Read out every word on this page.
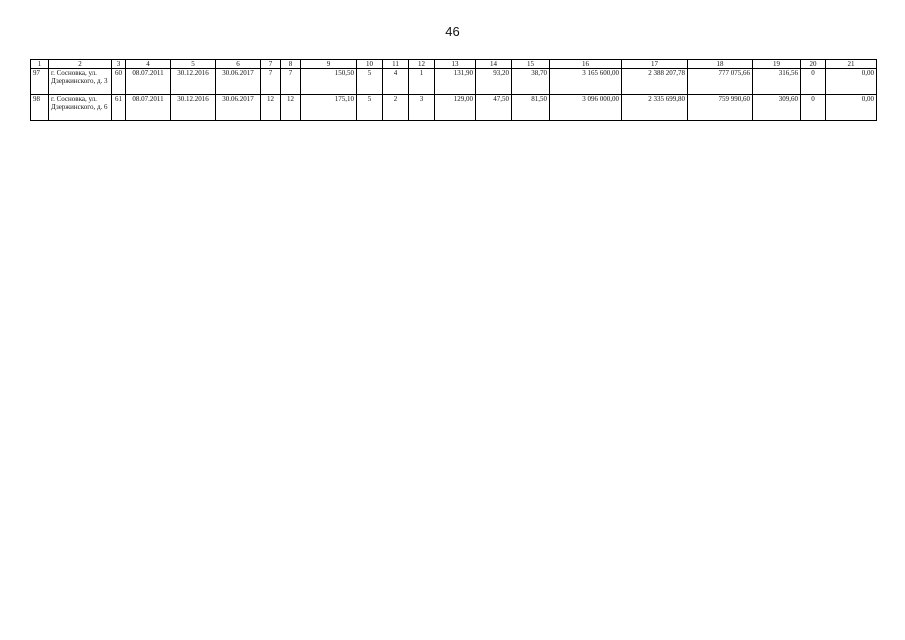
46
1	2	3	4	5	6	7	8	9	10	11	12	13	14	15	16	17	18	19	20	21
97	г. Сосновка, ул. Дзержинского, д. 3	60	08.07.2011	30.12.2016	30.06.2017	7	7	150,50	5	4	1	131,90	93,20	38,70	3 165 600,00	2 388 207,78	777 075,66	316,56	0	0,00
98	г. Сосновка, ул. Дзержинского, д. 6	61	08.07.2011	30.12.2016	30.06.2017	12	12	175,10	5	2	3	129,00	47,50	81,50	3 096 000,00	2 335 699,80	759 990,60	309,60	0	0,00
